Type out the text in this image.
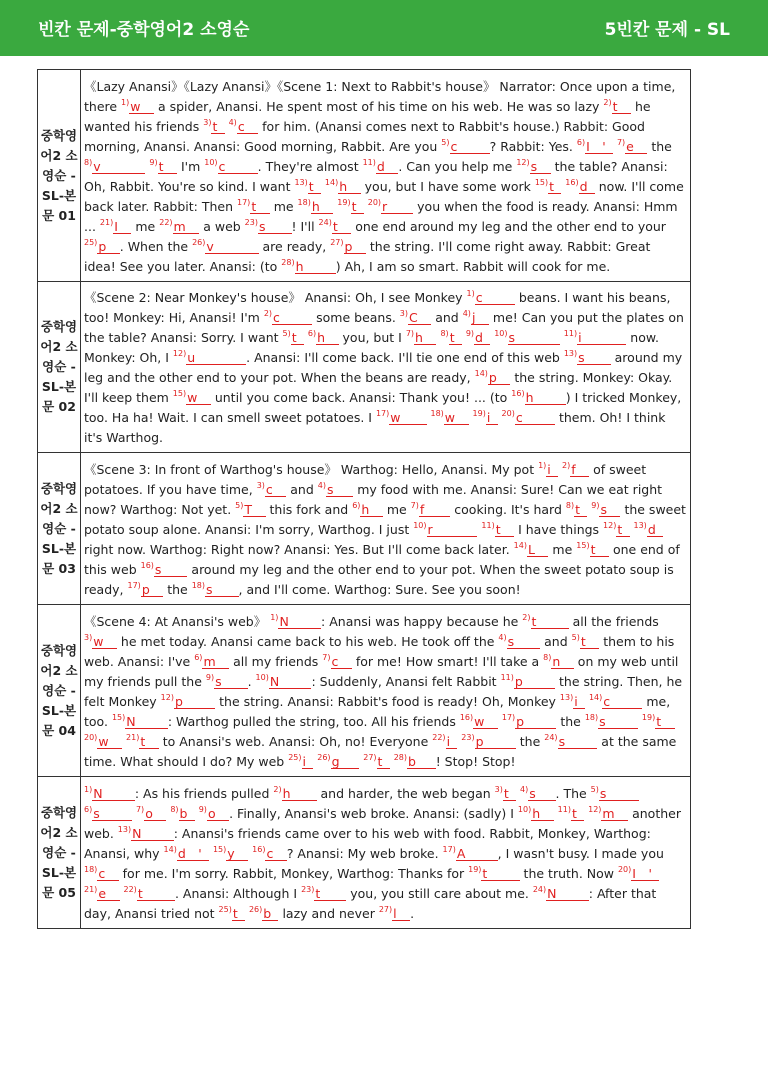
빈칸 문제-중학영어2 소영순	5빈칸 문제 - SL
중학영어2 소영순 - SL-본문 01	《Lazy Anansi》《Lazy Anansi》《Scene 1: Next to Rabbit's house》 Narrator: Once upon a time, there $^{1)}$w__ a spider, Anansi. He spent most of his time on his web. He was so lazy $^{2)}$t__ he wanted his friends $^{3)}$t_ $^{4)}$c__ for him. (Anansi comes next to Rabbit's house.) Rabbit: Good morning, Anansi. Anansi: Good morning, Rabbit. Are you $^{5)}$c_____? Rabbit: Yes. $^{6)}$I__'_ $^{7)}$e__ the $^{8)}$v_______ $^{9)}$t__ I'm $^{10)}$c_____. They're almost $^{11)}$d__. Can you help me $^{12)}$s__ the table? Anansi: Oh, Rabbit. You're so kind. I want $^{13)}$t_ $^{14)}$h__ you, but I have some work $^{15)}$t_ $^{16)}$d_ now. I'll come back later. Rabbit: Then $^{17)}$t__ me $^{18)}$h__ $^{19)}$t_ $^{20)}$r____ you when the food is ready. Anansi: Hmm ... $^{21)}$I__ me $^{22)}$m__ a web $^{23)}$s____! I'll $^{24)}$t__ one end around my leg and the other end to your $^{25)}$p__. When the $^{26)}$v_______ are ready, $^{27)}$p__ the string. I'll come right away. Rabbit: Great idea! See you later. Anansi: (to $^{28)}$h_____) Ah, I am so smart. Rabbit will cook for me.
중학영어2 소영순 - SL-본문 02	《Scene 2: Near Monkey's house》 Anansi: Oh, I see Monkey $^{1)}$c_____ beans. I want his beans, too! Monkey: Hi, Anansi! I'm $^{2)}$c_____ some beans. $^{3)}$C__ and $^{4)}$j__ me! Can you put the plates on the table? Anansi: Sorry. I want $^{5)}$t_ $^{6)}$h__ you, but I $^{7)}$h__ $^{8)}$t_ $^{9)}$d_ $^{10)}$s_______ $^{11)}$i_______ now. Monkey: Oh, I $^{12)}$u________. Anansi: I'll come back. I'll tie one end of this web $^{13)}$s____ around my leg and the other end to your pot. When the beans are ready, $^{14)}$p__ the string. Monkey: Okay. I'll keep them $^{15)}$w__ until you come back. Anansi: Thank you! ... (to $^{16)}$h_____) I tricked Monkey, too. Ha ha! Wait. I can smell sweet potatoes. I $^{17)}$w____ $^{18)}$w__ $^{19)}$i_ $^{20)}$c_____ them. Oh! I think it's Warthog.
중학영어2 소영순 - SL-본문 03	《Scene 3: In front of Warthog's house》 Warthog: Hello, Anansi. My pot $^{1)}$i_ $^{2)}$f__ of sweet potatoes. If you have time, $^{3)}$c__ and $^{4)}$s___ my food with me. Anansi: Sure! Can we eat right now? Warthog: Not yet. $^{5)}$T__ this fork and $^{6)}$h__ me $^{7)}$f____ cooking. It's hard $^{8)}$t_ $^{9)}$s__ the sweet potato soup alone. Anansi: I'm sorry, Warthog. I just $^{10)}$r_______ $^{11)}$t__ I have things $^{12)}$t_ $^{13)}$d_ right now. Warthog: Right now? Anansi: Yes. But I'll come back later. $^{14)}$L__ me $^{15)}$t__ one end of this web $^{16)}$s____ around my leg and the other end to your pot. When the sweet potato soup is ready, $^{17)}$p__ the $^{18)}$s____, and I'll come. Warthog: Sure. See you soon!
중학영어2 소영순 - SL-본문 04	《Scene 4: At Anansi's web》 $^{1)}$N_____: Anansi was happy because he $^{2)}$t_____ all the friends $^{3)}$w__ he met today. Anansi came back to his web. He took off the $^{4)}$s____ and $^{5)}$t__ them to his web. Anansi: I've $^{6)}$m__ all my friends $^{7)}$c__ for me! How smart! I'll take a $^{8)}$n__ on my web until my friends pull the $^{9)}$s____. $^{10)}$N_____: Suddenly, Anansi felt Rabbit $^{11)}$p_____ the string. Then, he felt Monkey $^{12)}$p_____ the string. Anansi: Rabbit's food is ready! Oh, Monkey $^{13)}$i_ $^{14)}$c_____ me, too. $^{15)}$N_____: Warthog pulled the string, too. All his friends $^{16)}$w__ $^{17)}$p_____ the $^{18)}$s_____ $^{19)}$t__ $^{20)}$w__ $^{21)}$t__ to Anansi's web. Anansi: Oh, no! Everyone $^{22)}$i_ $^{23)}$p_____ the $^{24)}$s_____ at the same time. What should I do? My web $^{25)}$i_ $^{26)}$g___ $^{27)}$t_ $^{28)}$b___! Stop! Stop!
중학영어2 소영순 - SL-본문 05	$^{1)}$N_____: As his friends pulled $^{2)}$h____ and harder, the web began $^{3)}$t_ $^{4)}$s___. The $^{5)}$s_____ $^{6)}$s_____ $^{7)}$o__ $^{8)}$b_ $^{9)}$o__. Finally, Anansi's web broke. Anansi: (sadly) I $^{10)}$h__ $^{11)}$t_ $^{12)}$m__ another web. $^{13)}$N_____: Anansi's friends came over to his web with food. Rabbit, Monkey, Warthog: Anansi, why $^{14)}$d__'_ $^{15)}$y__ $^{16)}$c__? Anansi: My web broke. $^{17)}$A_____, I wasn't busy. I made you $^{18)}$c__ for me. I'm sorry. Rabbit, Monkey, Warthog: Thanks for $^{19)}$t_____ the truth. Now $^{20)}$I__'_ $^{21)}$e__ $^{22)}$t_____. Anansi: Although I $^{23)}$t____ you, you still care about me. $^{24)}$N_____: After that day, Anansi tried not $^{25)}$t_ $^{26)}$b_ lazy and never $^{27)}$l__.
